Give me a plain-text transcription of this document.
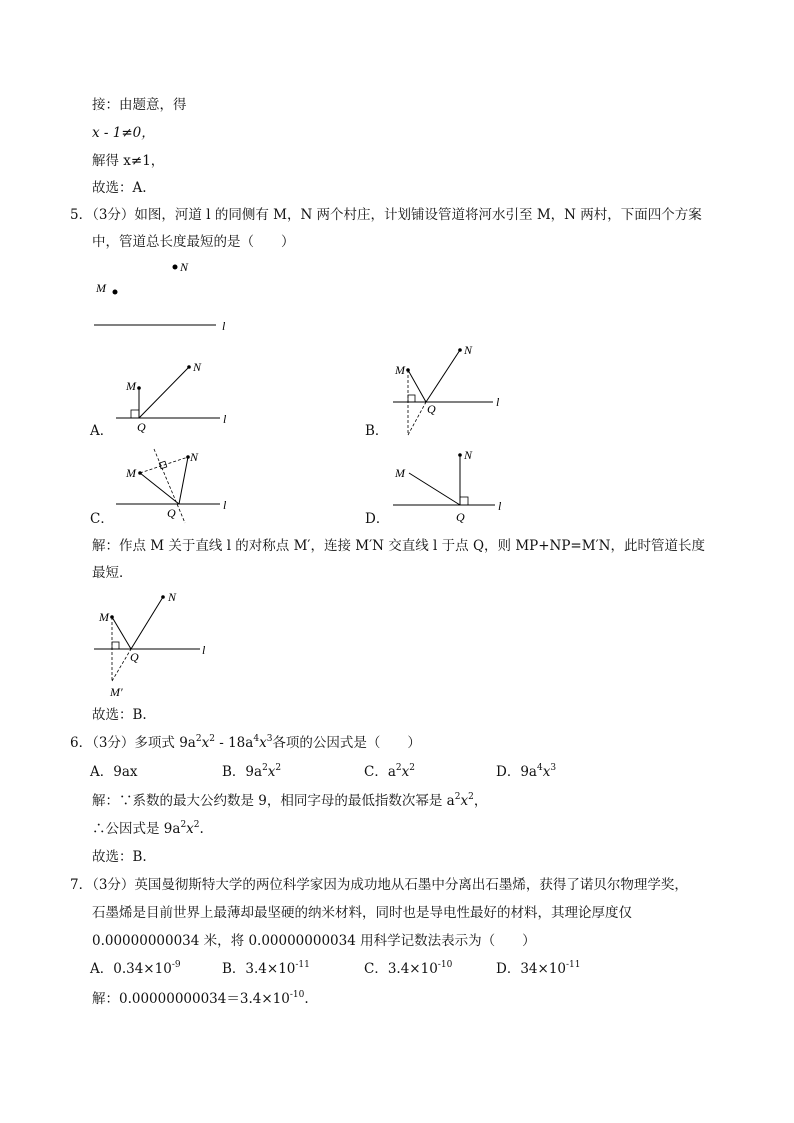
接：由题意，得
x - 1≠0，
解得 x≠1，
故选：A.
5．（3分）如图，河道 l 的同侧有 M，N 两个村庄，计划铺设管道将河水引至 M，N 两村，下面四个方案
中，管道总长度最短的是（　　）
N
M
l
A．
M
N
l
Q	B．
M
N
l
Q
C．
M
N
l
Q	D．
M
N
l
Q
解：作点 M 关于直线 l 的对称点 M′，连接 M′N 交直线 l 于点 Q，则 MP+NP=M′N，此时管道长度
最短．
M
N
l
Q
M′
故选：B.
6．（3分）多项式 $9a^2x^2 - 18a^4x^3$各项的公因式是（　　）
A．9ax	B．$9a^2x^2$	C．$a^2x^2$	D．$9a^4x^3$
解：∵系数的最大公约数是 9，相同字母的最低指数次幂是 $a^2x^2$，
∴公因式是 $9a^2x^2$.
故选：B.
7．（3分）英国曼彻斯特大学的两位科学家因为成功地从石墨中分离出石墨烯，获得了诺贝尔物理学奖，
石墨烯是目前世界上最薄却最坚硬的纳米材料，同时也是导电性最好的材料，其理论厚度仅
0.00000000034 米，将 0.00000000034 用科学记数法表示为（　　）
A．$0.34\times 10^{-9}$	B．$3.4\times 10^{-11}$	C．$3.4\times 10^{-10}$	D．$34\times 10^{-11}$
解：$0.00000000034=3.4\times 10^{-10}$.
